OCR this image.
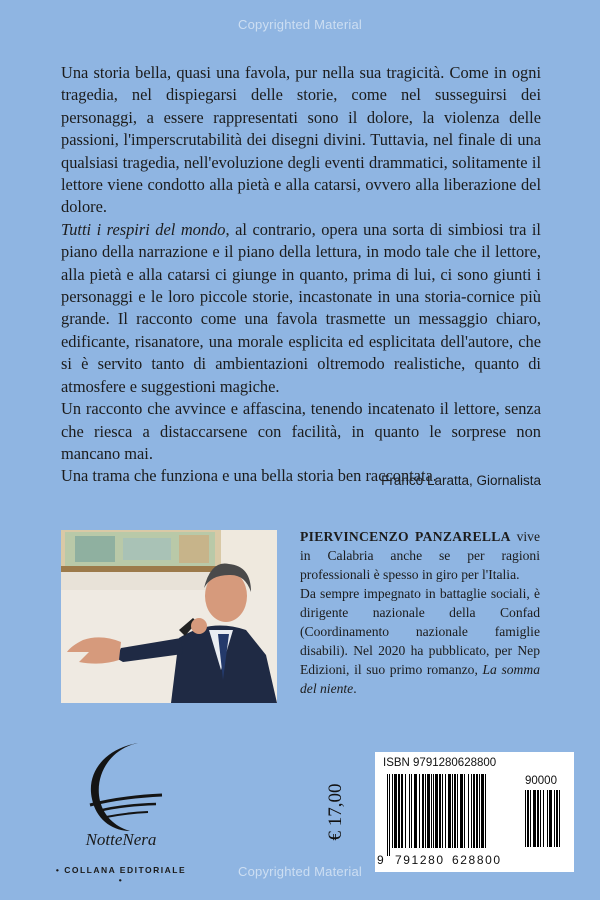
Copyrighted Material

Una storia bella, quasi una favola, pur nella sua tragicità. Come in ogni tragedia, nel dispiegarsi delle storie, come nel susseguirsi dei personaggi, a essere rappresentati sono il dolore, la violenza delle passioni, l'imperscrutabilità dei disegni divini. Tuttavia, nel finale di una qualsiasi tragedia, nell'evoluzione degli eventi drammatici, solitamente il lettore viene condotto alla pietà e alla catarsi, ovvero alla liberazione del dolore.

Tutti i respiri del mondo, al contrario, opera una sorta di simbiosi tra il piano della narrazione e il piano della lettura, in modo tale che il lettore, alla pietà e alla catarsi ci giunge in quanto, prima di lui, ci sono giunti i personaggi e le loro piccole storie, incastonate in una storia-cornice più grande. Il racconto come una favola trasmette un messaggio chiaro, edificante, risanatore, una morale esplicita ed esplicitata dell'autore, che si è servito tanto di ambientazioni oltremodo realistiche, quanto di atmosfere e suggestioni magiche.

Un racconto che avvince e affascina, tenendo incatenato il lettore, senza che riesca a distaccarsene con facilità, in quanto le sorprese non mancano mai.

Una trama che funziona e una bella storia ben raccontata.

Franco Laratta, Giornalista

PIERVINCENZO PANZARELLA vive in Calabria anche se per ragioni professionali è spesso in giro per l'Italia.

Da sempre impegnato in battaglie sociali, è dirigente nazionale della Confad (Coordinamento nazionale famiglie disabili). Nel 2020 ha pubblicato, per Nep Edizioni, il suo primo romanzo, La somma del niente.

NotteNera
• COLLANA EDITORIALE •
€ 17,00
ISBN 9791280628800
90000
9 791280 628800
Copyrighted Material
